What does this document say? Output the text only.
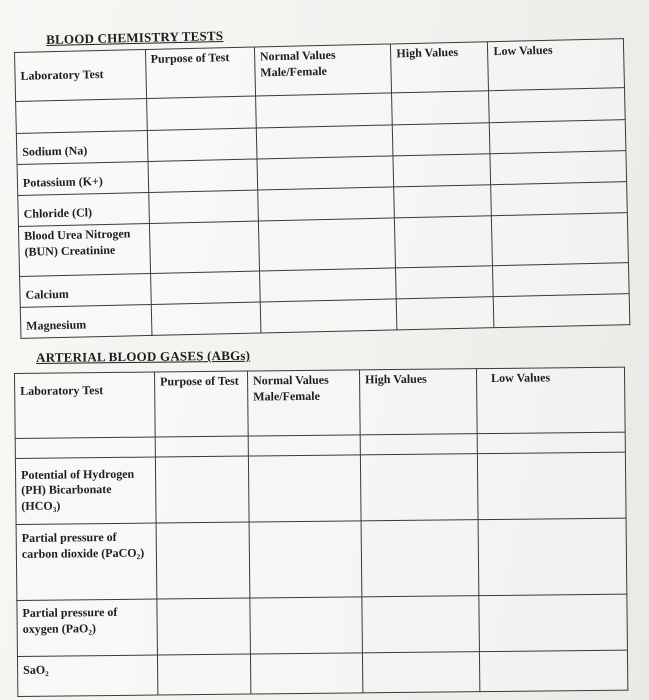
BLOOD CHEMISTRY TESTS
Laboratory Test	Purpose of Test	Normal Values Male/Female	High Values	Low Values

Sodium (Na)				
Potassium (K+)				
Chloride (Cl)				
Blood Urea Nitrogen (BUN) Creatinine				
Calcium				
Magnesium				
ARTERIAL BLOOD GASES (ABGs)
Laboratory Test	Purpose of Test	Normal Values Male/Female	High Values	Low Values

Potential of Hydrogen (PH) Bicarbonate (HCO₃)				
Partial pressure of carbon dioxide (PaCO₂)				
Partial pressure of oxygen (PaO₂)				
SaO₂				
